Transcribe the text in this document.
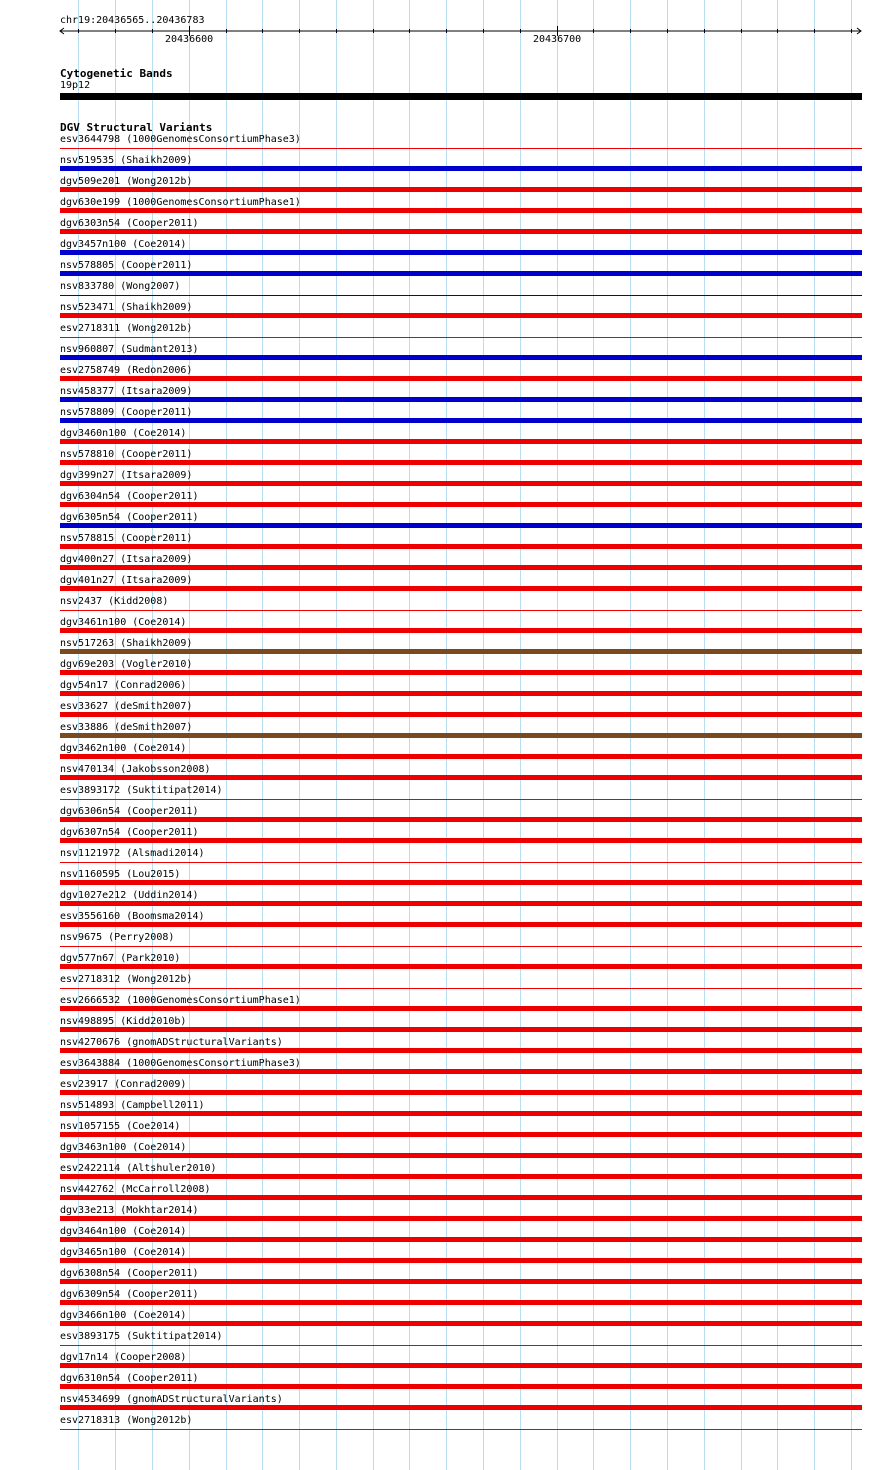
chr19:20436565..20436783
20436600	20436700
Cytogenetic Bands
19p12
DGV Structural Variants
esv3644798 (1000GenomesConsortiumPhase3)
nsv519535 (Shaikh2009)
dgv509e201 (Wong2012b)
dgv630e199 (1000GenomesConsortiumPhase1)
dgv6303n54 (Cooper2011)
dgv3457n100 (Coe2014)
nsv578805 (Cooper2011)
nsv833780 (Wong2007)
nsv523471 (Shaikh2009)
esv2718311 (Wong2012b)
nsv960807 (Sudmant2013)
esv2758749 (Redon2006)
nsv458377 (Itsara2009)
nsv578809 (Cooper2011)
dgv3460n100 (Coe2014)
nsv578810 (Cooper2011)
dgv399n27 (Itsara2009)
dgv6304n54 (Cooper2011)
dgv6305n54 (Cooper2011)
nsv578815 (Cooper2011)
dgv400n27 (Itsara2009)
dgv401n27 (Itsara2009)
nsv2437 (Kidd2008)
dgv3461n100 (Coe2014)
nsv517263 (Shaikh2009)
dgv69e203 (Vogler2010)
dgv54n17 (Conrad2006)
esv33627 (deSmith2007)
esv33886 (deSmith2007)
dgv3462n100 (Coe2014)
nsv470134 (Jakobsson2008)
esv3893172 (Suktitipat2014)
dgv6306n54 (Cooper2011)
dgv6307n54 (Cooper2011)
nsv1121972 (Alsmadi2014)
nsv1160595 (Lou2015)
dgv1027e212 (Uddin2014)
esv3556160 (Boomsma2014)
nsv9675 (Perry2008)
dgv577n67 (Park2010)
esv2718312 (Wong2012b)
esv2666532 (1000GenomesConsortiumPhase1)
nsv498895 (Kidd2010b)
nsv4270676 (gnomADStructuralVariants)
esv3643884 (1000GenomesConsortiumPhase3)
esv23917 (Conrad2009)
nsv514893 (Campbell2011)
nsv1057155 (Coe2014)
dgv3463n100 (Coe2014)
esv2422114 (Altshuler2010)
nsv442762 (McCarroll2008)
dgv33e213 (Mokhtar2014)
dgv3464n100 (Coe2014)
dgv3465n100 (Coe2014)
dgv6308n54 (Cooper2011)
dgv6309n54 (Cooper2011)
dgv3466n100 (Coe2014)
esv3893175 (Suktitipat2014)
dgv17n14 (Cooper2008)
dgv6310n54 (Cooper2011)
nsv4534699 (gnomADStructuralVariants)
esv2718313 (Wong2012b)
